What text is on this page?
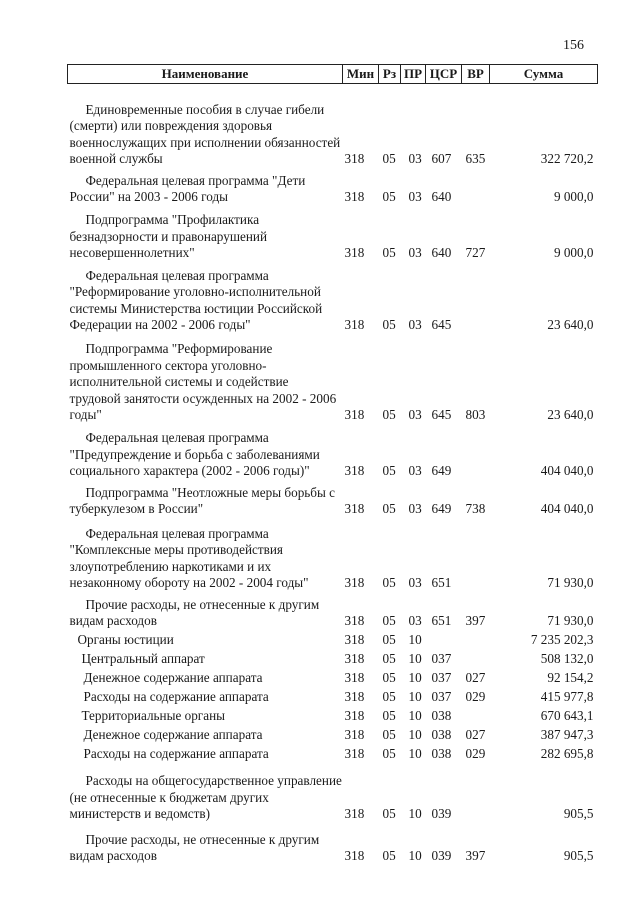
156
Наименование	Мин	Рз	ПР	ЦСР	ВР	Сумма
Единовременные пособия в случае гибели (смерти) или повреждения здоровья военнослужащих при исполнении обязанностей военной службы	318	05	03	607	635	322 720,2
Федеральная целевая программа "Дети России" на 2003 - 2006 годы	318	05	03	640		9 000,0
Подпрограмма "Профилактика безнадзорности и правонарушений несовершеннолетних"	318	05	03	640	727	9 000,0
Федеральная целевая программа "Реформирование уголовно-исполнительной системы Министерства юстиции Российской Федерации на 2002 - 2006 годы"	318	05	03	645		23 640,0
Подпрограмма "Реформирование промышленного сектора уголовно-исполнительной системы и содействие трудовой занятости осужденных на 2002 - 2006 годы"	318	05	03	645	803	23 640,0
Федеральная целевая программа "Предупреждение и борьба с заболеваниями социального характера (2002 - 2006 годы)"	318	05	03	649		404 040,0
Подпрограмма "Неотложные меры борьбы с туберкулезом в России"	318	05	03	649	738	404 040,0
Федеральная целевая программа "Комплексные меры противодействия злоупотреблению наркотиками и их незаконному обороту на 2002 - 2004 годы"	318	05	03	651		71 930,0
Прочие расходы, не отнесенные к другим видам расходов	318	05	03	651	397	71 930,0
Органы юстиции	318	05	10			7 235 202,3
Центральный аппарат	318	05	10	037		508 132,0
Денежное содержание аппарата	318	05	10	037	027	92 154,2
Расходы на содержание аппарата	318	05	10	037	029	415 977,8
Территориальные органы	318	05	10	038		670 643,1
Денежное содержание аппарата	318	05	10	038	027	387 947,3
Расходы на содержание аппарата	318	05	10	038	029	282 695,8
Расходы на общегосударственное управление (не отнесенные к бюджетам других министерств и ведомств)	318	05	10	039		905,5
Прочие расходы, не отнесенные к другим видам расходов	318	05	10	039	397	905,5
